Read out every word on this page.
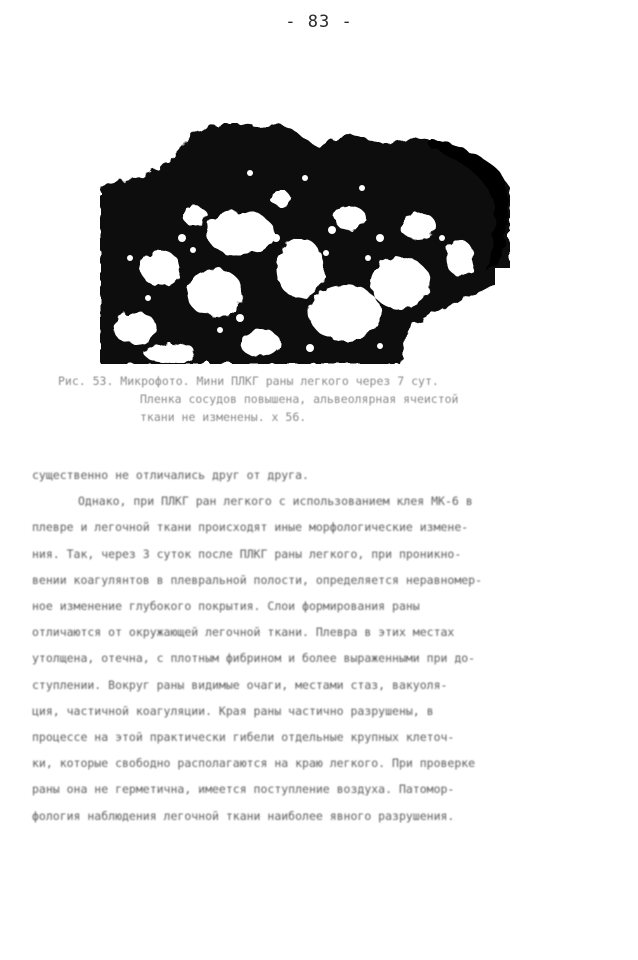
- 83 -
Рис. 53. Микрофото. Мини ПЛКГ раны легкого через 7 сут.
Пленка сосудов повышена, альвеолярная ячеистой
ткани не изменены. х 56.
существенно не отличались друг от друга.
Однако, при ПЛКГ ран легкого с использованием клея МК-6 в
плевре и легочной ткани происходят иные морфологические измене-
ния. Так, через 3 суток после ПЛКГ раны легкого, при проникно-
вении коагулянтов в плевральной полости, определяется неравномер-
ное изменение глубокого покрытия. Слои формирования раны
отличаются от окружающей легочной ткани. Плевра в этих местах
утолщена, отечна, с плотным фибрином и более выраженными при до-
ступлении. Вокруг раны видимые очаги, местами стаз, вакуоля-
ция, частичной коагуляции. Края раны частично разрушены, в
процессе на этой практически гибели отдельные крупных клеточ-
ки, которые свободно располагаются на краю легкого. При проверке
раны она не герметична, имеется поступление воздуха. Патомор-
фология наблюдения легочной ткани наиболее явного разрушения.
